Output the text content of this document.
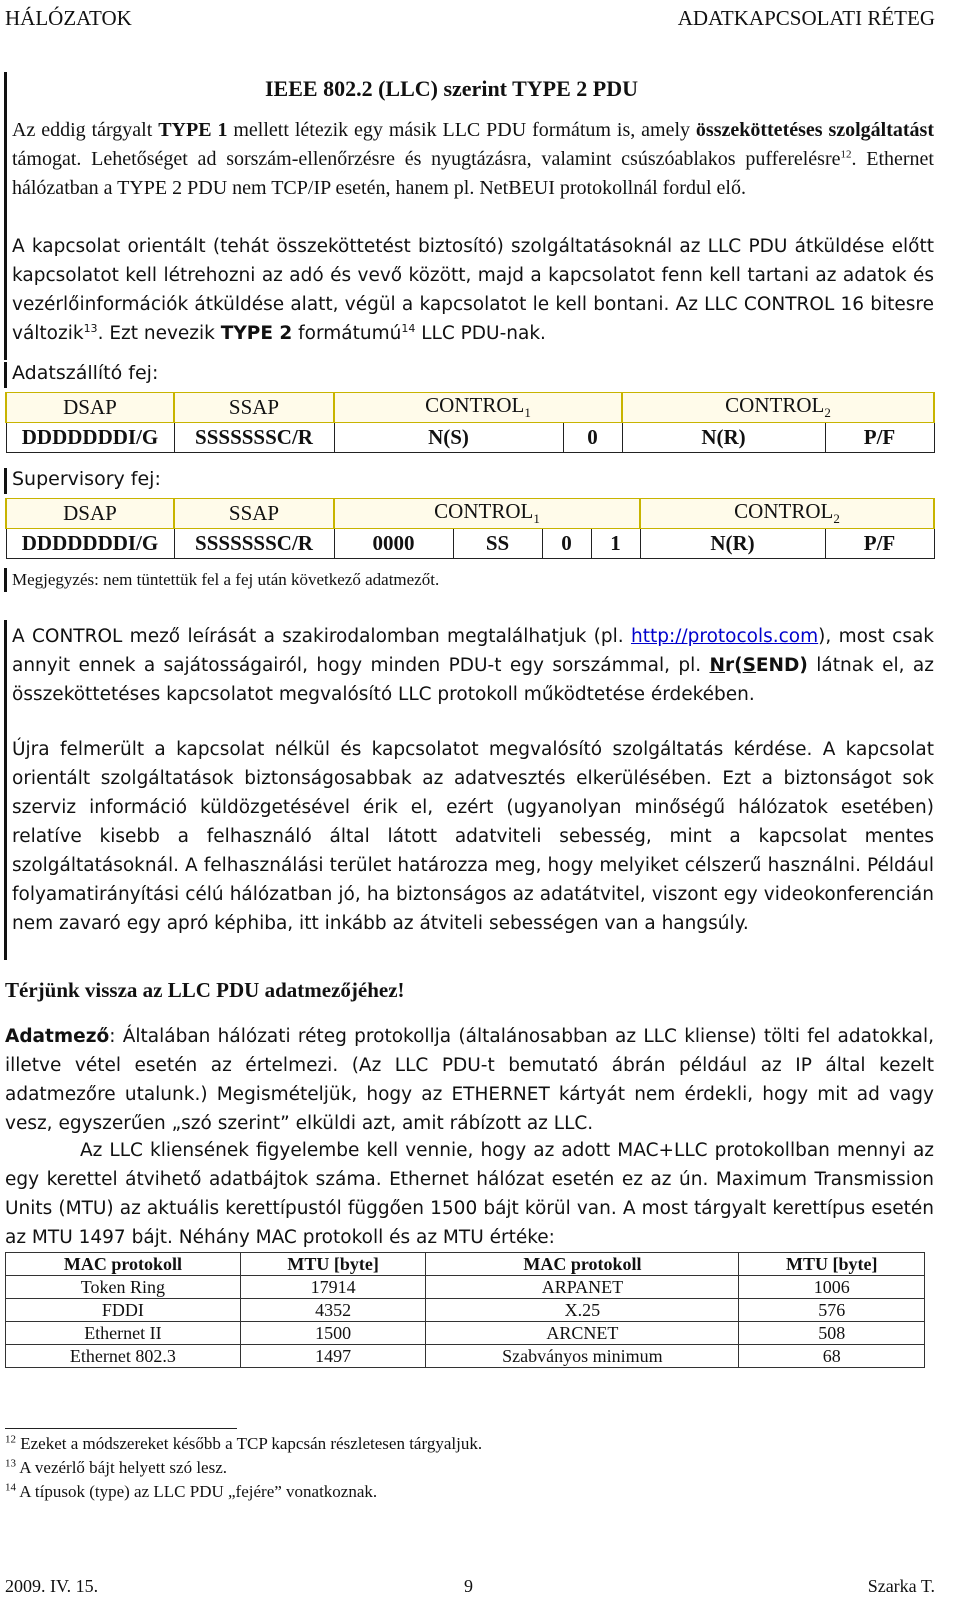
HÁLÓZATOK	ADATKAPCSOLATI RÉTEG
IEEE 802.2 (LLC) szerint TYPE 2 PDU

Az eddig tárgyalt TYPE 1 mellett létezik egy másik LLC PDU formátum is, amely összeköttetéses szolgáltatást támogat. Lehetőséget ad sorszám-ellenőrzésre és nyugtázásra, valamint csúszóablakos pufferelésre$^{12}$. Ethernet hálózatban a TYPE 2 PDU nem TCP/IP esetén, hanem pl. NetBEUI protokollnál fordul elő.

A kapcsolat orientált (tehát összeköttetést biztosító) szolgáltatásoknál az LLC PDU átküldése előtt kapcsolatot kell létrehozni az adó és vevő között, majd a kapcsolatot fenn kell tartani az adatok és vezérlőinformációk átküldése alatt, végül a kapcsolatot le kell bontani. Az LLC CONTROL 16 bitesre változik$^{13}$. Ezt nevezik TYPE 2 formátumú$^{14}$ LLC PDU-nak.

Adatszállító fej:
DSAP	SSAP	$CONTROL_1$		$CONTROL_2$
DDDDDDDI/G	SSSSSSSC/R	N(S)	0	N(R)	P/F
Supervisory fej:
DSAP	SSAP	$CONTROL_1$				$CONTROL_2$
DDDDDDDI/G	SSSSSSSC/R	0000	SS	0	1	N(R)	P/F
Megjegyzés: nem tüntettük fel a fej után következő adatmezőt.

A CONTROL mező leírását a szakirodalomban megtalálhatjuk (pl. http://protocols.com), most csak annyit ennek a sajátosságairól, hogy minden PDU-t egy sorszámmal, pl. Nr(SEND) látnak el, az összeköttetéses kapcsolatot megvalósító LLC protokoll működtetése érdekében.

Újra felmerült a kapcsolat nélkül és kapcsolatot megvalósító szolgáltatás kérdése. A kapcsolat orientált szolgáltatások biztonságosabbak az adatvesztés elkerülésében. Ezt a biztonságot sok szerviz információ küldözgetésével érik el, ezért (ugyanolyan minőségű hálózatok esetében) relatíve kisebb a felhasználó által látott adatviteli sebesség, mint a kapcsolat mentes szolgáltatásoknál. A felhasználási terület határozza meg, hogy melyiket célszerű használni. Például folyamatirányítási célú hálózatban jó, ha biztonságos az adatátvitel, viszont egy videokonferencián nem zavaró egy apró képhiba, itt inkább az átviteli sebességen van a hangsúly.

Térjünk vissza az LLC PDU adatmezőjéhez!

Adatmező: Általában hálózati réteg protokollja (általánosabban az LLC kliense) tölti fel adatokkal, illetve vétel esetén az értelmezi. (Az LLC PDU-t bemutató ábrán például az IP által kezelt adatmezőre utalunk.) Megismételjük, hogy az ETHERNET kártyát nem érdekli, hogy mit ad vagy vesz, egyszerűen „szó szerint” elküldi azt, amit rábízott az LLC.

Az LLC kliensének figyelembe kell vennie, hogy az adott MAC+LLC protokollban mennyi az egy kerettel átvihető adatbájtok száma. Ethernet hálózat esetén ez az ún. Maximum Transmission Units (MTU) az aktuális kerettípustól függően 1500 bájt körül van. A most tárgyalt kerettípus esetén az MTU 1497 bájt. Néhány MAC protokoll és az MTU értéke:

MAC protokoll	MTU [byte]	MAC protokoll	MTU [byte]
Token Ring	17914	ARPANET	1006
FDDI	4352	X.25	576
Ethernet II	1500	ARCNET	508
Ethernet 802.3	1497	Szabványos minimum	68
$^{12}$ Ezeket a módszereket később a TCP kapcsán részletesen tárgyaljuk.
$^{13}$ A vezérlő bájt helyett szó lesz.
$^{14}$ A típusok (type) az LLC PDU „fejére” vonatkoznak.
2009. IV. 15.	9	Szarka T.
